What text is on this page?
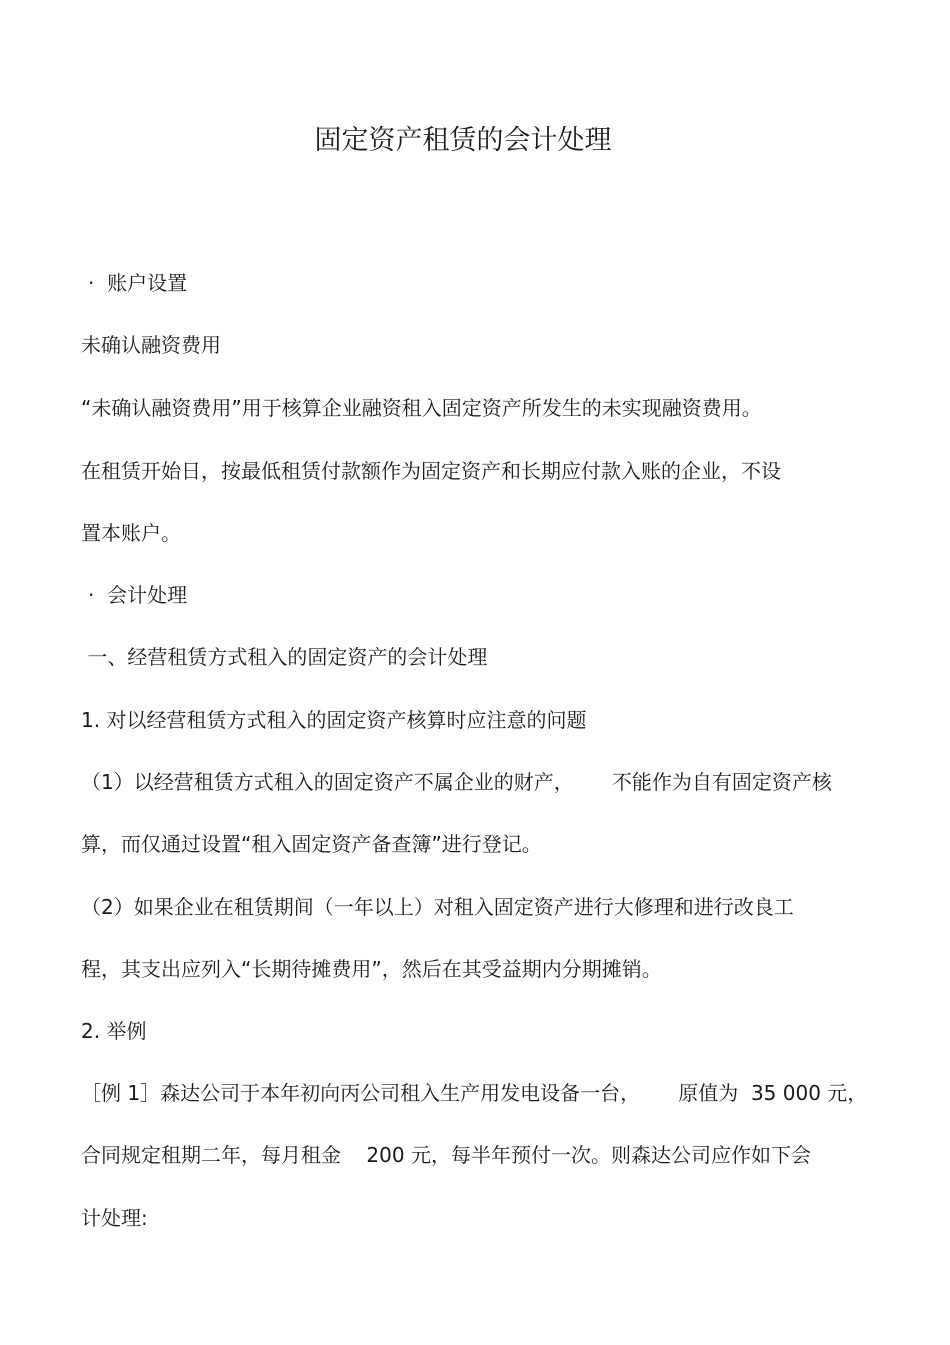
固定资产租赁的会计处理

·  账户设置

未确认融资费用

“未确认融资费用”用于核算企业融资租入固定资产所发生的未实现融资费用。

在租赁开始日，按最低租赁付款额作为固定资产和长期应付款入账的企业，不设

置本账户。

·  会计处理

一、经营租赁方式租入的固定资产的会计处理

1. 对以经营租赁方式租入的固定资产核算时应注意的问题

（1）以经营租赁方式租入的固定资产不属企业的财产，      不能作为自有固定资产核

算，而仅通过设置“租入固定资产备查簿”进行登记。

（2）如果企业在租赁期间（一年以上）对租入固定资产进行大修理和进行改良工

程，其支出应列入“长期待摊费用”，然后在其受益期内分期摊销。

2. 举例

［例 1］森达公司于本年初向丙公司租入生产用发电设备一台，      原值为  35 000 元，

合同规定租期二年，每月租金    200 元，每半年预付一次。则森达公司应作如下会

计处理:
